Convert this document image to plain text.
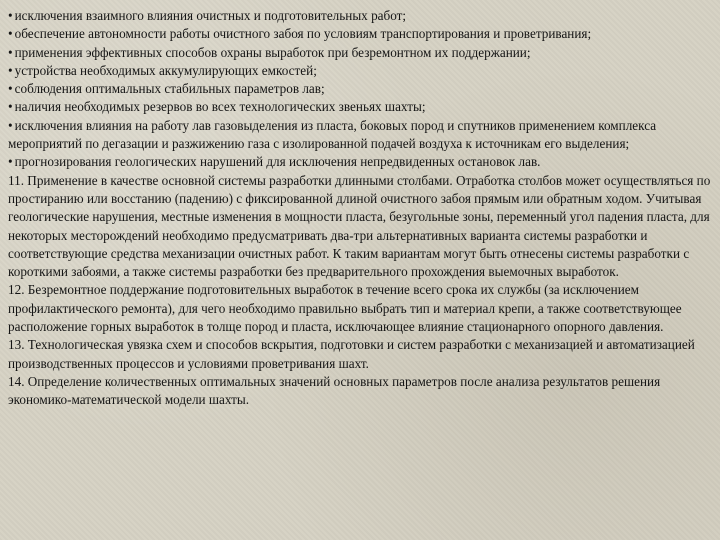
• исключения взаимного влияния очистных и подготовительных работ;

• обеспечение автономности работы очистного забоя по условиям транспортирования и проветривания;

• применения эффективных способов охраны выработок при безремонтном их поддержании;

• устройства необходимых аккумулирующих емкостей;

• соблюдения оптимальных стабильных параметров лав;

• наличия необходимых резервов во всех технологических звеньях шахты;

• исключения влияния на работу лав газовыделения из пласта, боковых пород и спутников применением комплекса мероприятий по дегазации и разжижению газа с изолированной подачей воздуха к источникам его выделения;

• прогнозирования геологических нарушений для исключения непредвиденных остановок лав.

11. Применение в качестве основной системы разработки длинными столбами. Отработка столбов может осуществляться по простиранию или восстанию (падению) с фиксированной длиной очистного забоя прямым или обратным ходом. Учитывая геологические нарушения, местные изменения в мощности пласта, безугольные зоны, переменный угол падения пласта, для некоторых месторождений необходимо предусматривать два-три альтернативных варианта системы разработки и соответствующие средства механизации очистных работ. К таким вариантам могут быть отнесены системы разработки с короткими забоями, а также системы разработки без предварительного прохождения выемочных выработок.

12. Безремонтное поддержание подготовительных выработок в течение всего срока их службы (за исключением профилактического ремонта), для чего необходимо правильно выбрать тип и материал крепи, а также соответствующее расположение горных выработок в толще пород и пласта, исключающее влияние стационарного опорного давления.

13. Технологическая увязка схем и способов вскрытия, подготовки и систем разработки с механизацией и автоматизацией производственных процессов и условиями проветривания шахт.

14. Определение количественных оптимальных значений основных параметров после анализа результатов решения экономико-математической модели шахты.
